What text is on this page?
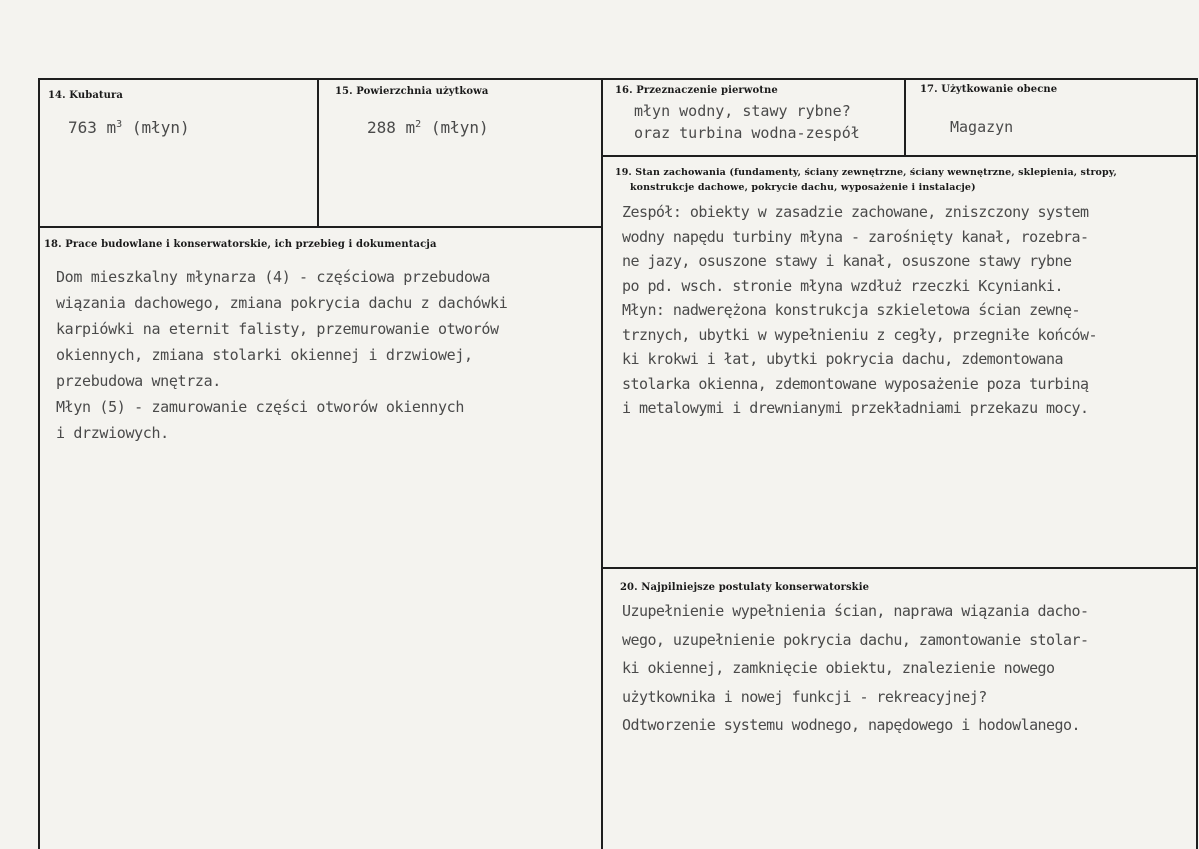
14. Kubatura
763 $m^3$ (młyn)
15. Powierzchnia użytkowa
288 $m^2$ (młyn)
16. Przeznaczenie pierwotne
młyn wodny, stawy rybne?
oraz turbina wodna-zespół
17. Użytkowanie obecne
Magazyn
19. Stan zachowania (fundamenty, ściany zewnętrzne, ściany wewnętrzne, sklepienia, stropy,
konstrukcje dachowe, pokrycie dachu, wyposażenie i instalacje)
Zespół: obiekty w zasadzie zachowane, zniszczony system
wodny napędu turbiny młyna - zarośnięty kanał, rozebra-
ne jazy, osuszone stawy i kanał, osuszone stawy rybne
po pd. wsch. stronie młyna wzdłuż rzeczki Kcynianki.
Młyn: nadwerężona konstrukcja szkieletowa ścian zewnę-
trznych, ubytki w wypełnieniu z cegły, przegniłe końców-
ki krokwi i łat, ubytki pokrycia dachu, zdemontowana
stolarka okienna, zdemontowane wyposażenie poza turbiną
i metalowymi i drewnianymi przekładniami przekazu mocy.
18. Prace budowlane i konserwatorskie, ich przebieg i dokumentacja
Dom mieszkalny młynarza (4) - częściowa przebudowa
wiązania dachowego, zmiana pokrycia dachu z dachówki
karpiówki na eternit falisty, przemurowanie otworów
okiennych, zmiana stolarki okiennej i drzwiowej,
przebudowa wnętrza.
Młyn (5) - zamurowanie części otworów okiennych
i drzwiowych.
20. Najpilniejsze postulaty konserwatorskie
Uzupełnienie wypełnienia ścian, naprawa wiązania dacho-
wego, uzupełnienie pokrycia dachu, zamontowanie stolar-
ki okiennej, zamknięcie obiektu, znalezienie nowego
użytkownika i nowej funkcji - rekreacyjnej?
Odtworzenie systemu wodnego, napędowego i hodowlanego.
